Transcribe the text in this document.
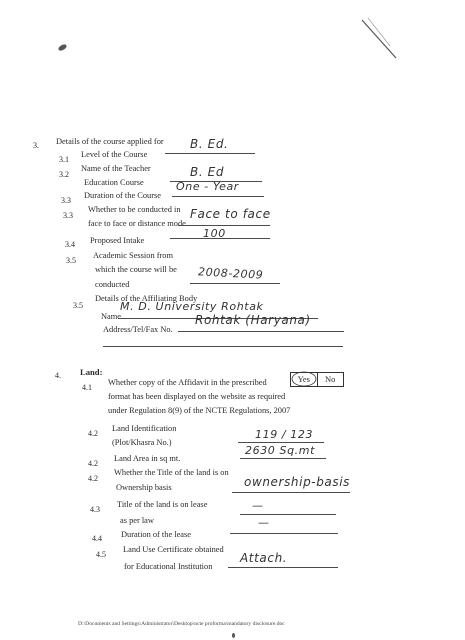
3. Details of the course applied for
3.1
Level of the Course
B. Ed.
3.2
Name of the Teacher
Education Course
B. Ed
3.3
Duration of the Course
One - Year
3.3
Whether to be conducted in
face to face or distance mode.
Face to face
3.4 Proposed Intake
100
3.5
Academic Session from
which the course will be
conducted
2008-2009
3.5
Details of the Affiliating Body
Name
M. D. University Rohtak
Address/Tel/Fax No.
Rohtak (Haryana)
4. Land:
4.1
Whether copy of the Affidavit in the prescribed
format has been displayed on the website as required
under Regulation 8(9) of the NCTE Regulations, 2007
Yes	No
4.2
Land Identification
(Plot/Khasra No.)
119 / 123
4.2
Land Area in sq mt.
2630 Sq.mt
4.2
Whether the Title of the land is on
Ownership basis	ownership-basis
4.3
Title of the land is on lease
as per law
—
4.4 Duration of the lease
—
4.5
Land Use Certificate obtained
for Educational Institution
Attach.
D:\Documents and Settings\Administrator\Desktop\ncte proforma\mandatory disclosure.doc
